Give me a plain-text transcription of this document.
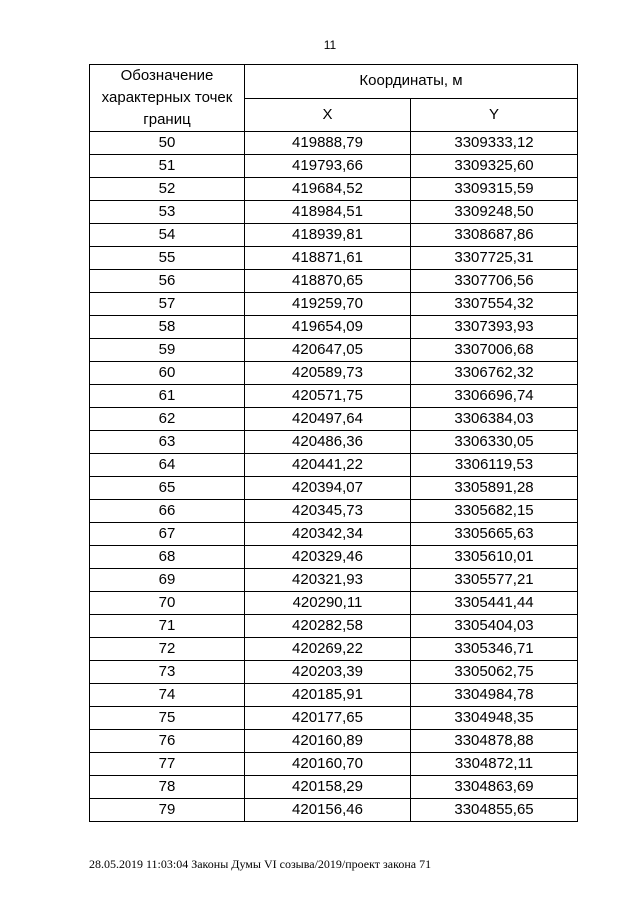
11
Обозначение характерных точек границ	Координаты, м	
	X	Y
50	419888,79	3309333,12
51	419793,66	3309325,60
52	419684,52	3309315,59
53	418984,51	3309248,50
54	418939,81	3308687,86
55	418871,61	3307725,31
56	418870,65	3307706,56
57	419259,70	3307554,32
58	419654,09	3307393,93
59	420647,05	3307006,68
60	420589,73	3306762,32
61	420571,75	3306696,74
62	420497,64	3306384,03
63	420486,36	3306330,05
64	420441,22	3306119,53
65	420394,07	3305891,28
66	420345,73	3305682,15
67	420342,34	3305665,63
68	420329,46	3305610,01
69	420321,93	3305577,21
70	420290,11	3305441,44
71	420282,58	3305404,03
72	420269,22	3305346,71
73	420203,39	3305062,75
74	420185,91	3304984,78
75	420177,65	3304948,35
76	420160,89	3304878,88
77	420160,70	3304872,11
78	420158,29	3304863,69
79	420156,46	3304855,65
28.05.2019 11:03:04 Законы Думы VI созыва/2019/проект закона 71
